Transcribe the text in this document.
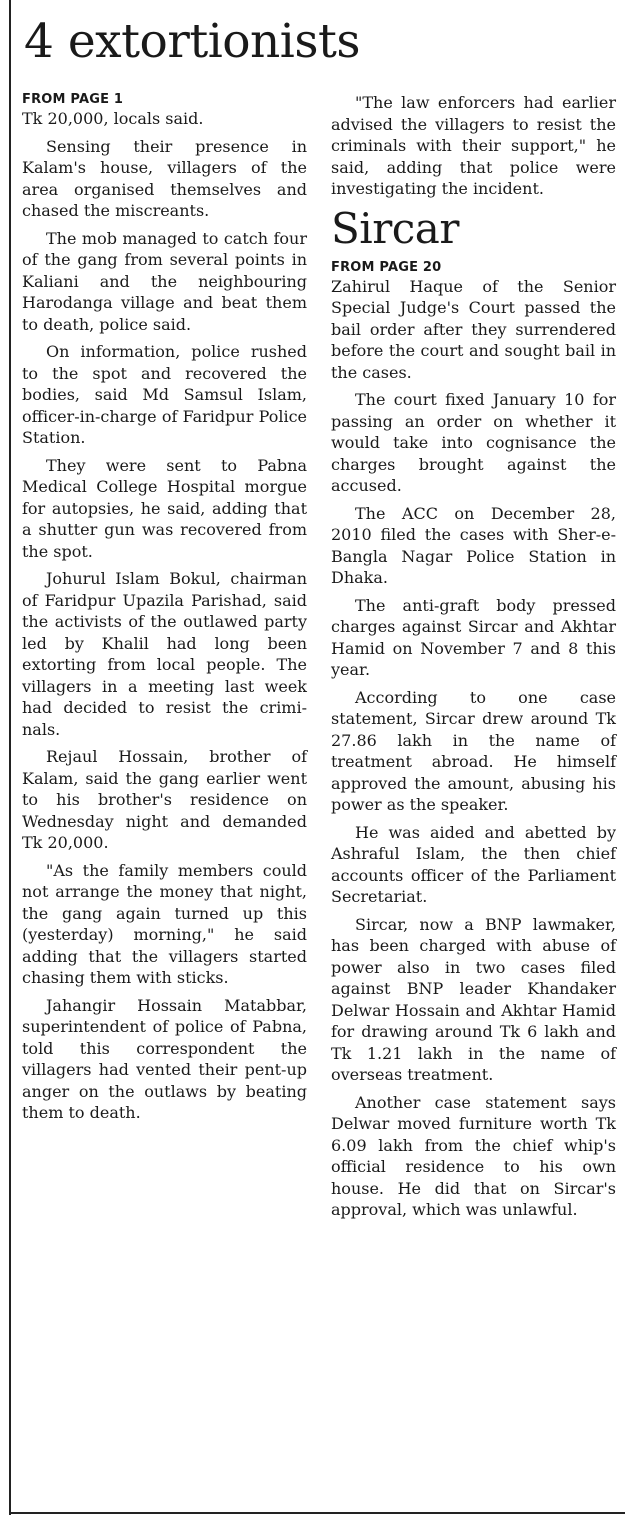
4 extortionists

FROM PAGE 1

Tk 20,000, locals said.

Sensing their presence in Kalam's house, villagers of the area organised themselves and chased the miscreants.

The mob managed to catch four of the gang from several points in Kaliani and the neighbouring Harodanga village and beat them to death, police said.

On information, police rushed to the spot and recovered the bodies, said Md Samsul Islam, officer-in-charge of Faridpur Police Station.

They were sent to Pabna Medical College Hospital morgue for autopsies, he said, adding that a shutter gun was recovered from the spot.

Johurul Islam Bokul, chairman of Faridpur Upazila Parishad, said the activists of the outlawed party led by Khalil had long been extorting from local people. The villagers in a meeting last week had decided to resist the criminals.

Rejaul Hossain, brother of Kalam, said the gang earlier went to his brother's residence on Wednesday night and demanded Tk 20,000.

"As the family members could not arrange the money that night, the gang again turned up this (yesterday) morning," he said adding that the villagers started chasing them with sticks.

Jahangir Hossain Matabbar, superintendent of police of Pabna, told this correspondent the villagers had vented their pent-up anger on the outlaws by beating them to death.

"The law enforcers had earlier advised the villagers to resist the criminals with their support," he said, adding that police were investigating the incident.

Sircar

FROM PAGE 20

Zahirul Haque of the Senior Special Judge's Court passed the bail order after they surrendered before the court and sought bail in the cases.

The court fixed January 10 for passing an order on whether it would take into cognisance the charges brought against the accused.

The ACC on December 28, 2010 filed the cases with Sher-e-Bangla Nagar Police Station in Dhaka.

The anti-graft body pressed charges against Sircar and Akhtar Hamid on November 7 and 8 this year.

According to one case statement, Sircar drew around Tk 27.86 lakh in the name of treatment abroad. He himself approved the amount, abusing his power as the speaker.

He was aided and abetted by Ashraful Islam, the then chief accounts officer of the Parliament Secretariat.

Sircar, now a BNP lawmaker, has been charged with abuse of power also in two cases filed against BNP leader Khandaker Delwar Hossain and Akhtar Hamid for drawing around Tk 6 lakh and Tk 1.21 lakh in the name of overseas treatment.

Another case statement says Delwar moved furniture worth Tk 6.09 lakh from the chief whip's official residence to his own house. He did that on Sircar's approval, which was unlawful.
